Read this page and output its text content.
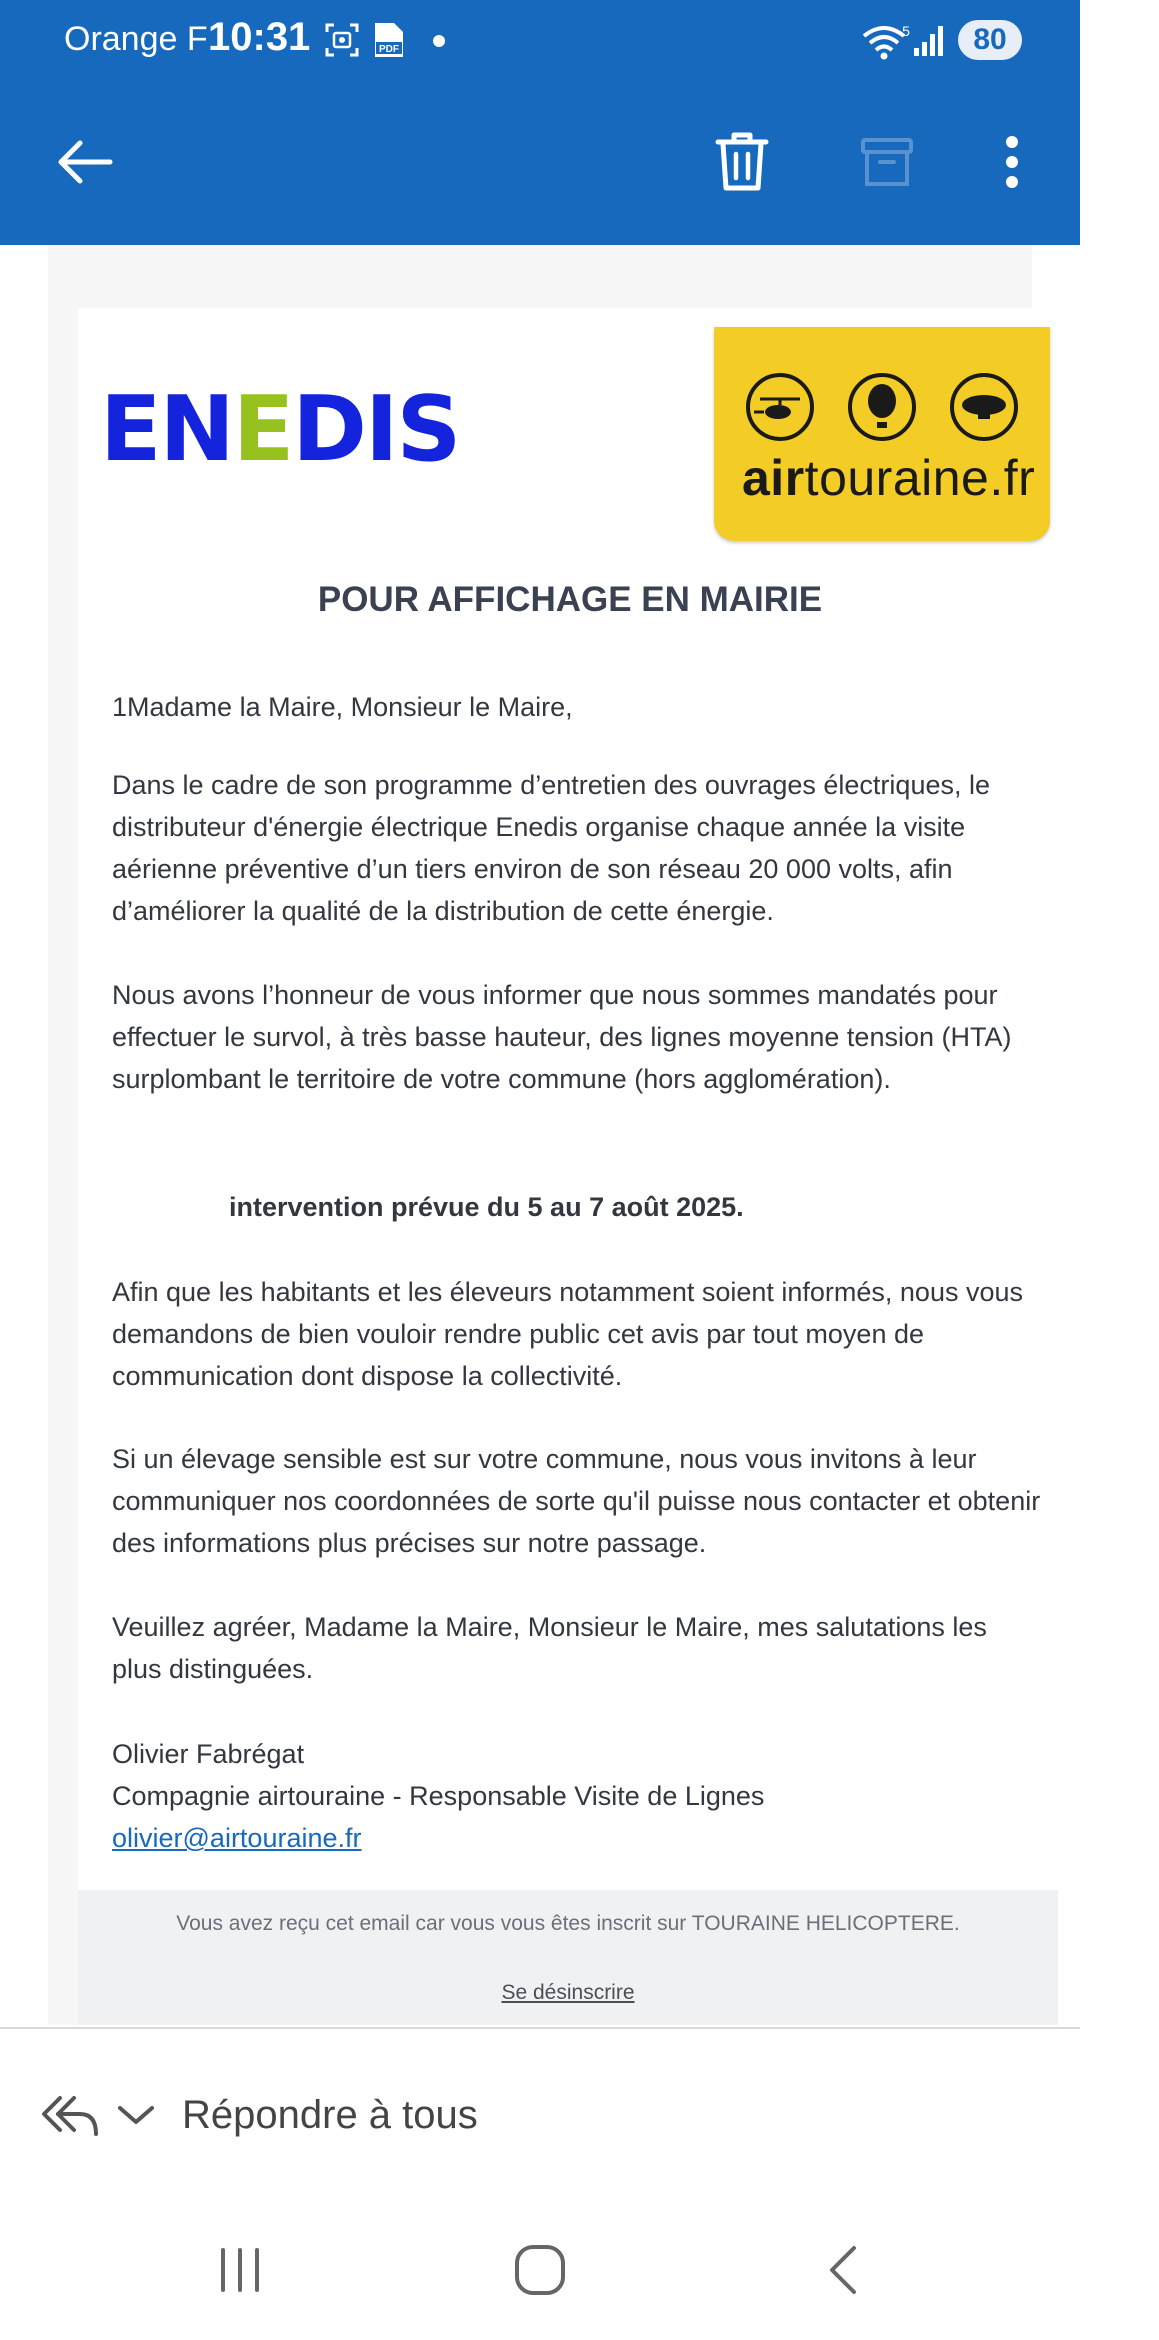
Orange F 10:31	PDF
5	80
ENEDIS	airtouraine.fr
POUR AFFICHAGE EN MAIRIE

1Madame la Maire, Monsieur le Maire,

Dans le cadre de son programme d’entretien des ouvrages électriques, le distributeur d'énergie électrique Enedis organise chaque année la visite aérienne préventive d’un tiers environ de son réseau 20 000 volts, afin d’améliorer la qualité de la distribution de cette énergie.

Nous avons l’honneur de vous informer que nous sommes mandatés pour effectuer le survol, à très basse hauteur, des lignes moyenne tension (HTA) surplombant le territoire de votre commune (hors agglomération).

intervention prévue du 5 au 7 août 2025.

Afin que les habitants et les éleveurs notamment soient informés, nous vous demandons de bien vouloir rendre public cet avis par tout moyen de communication dont dispose la collectivité.

Si un élevage sensible est sur votre commune, nous vous invitons à leur communiquer nos coordonnées de sorte qu'il puisse nous contacter et obtenir des informations plus précises sur notre passage.

Veuillez agréer, Madame la Maire, Monsieur le Maire, mes salutations les plus distinguées.

Olivier Fabrégat

Compagnie airtouraine - Responsable Visite de Lignes

olivier@airtouraine.fr

Vous avez reçu cet email car vous vous êtes inscrit sur TOURAINE HELICOPTERE.
Se désinscrire
Répondre à tous
